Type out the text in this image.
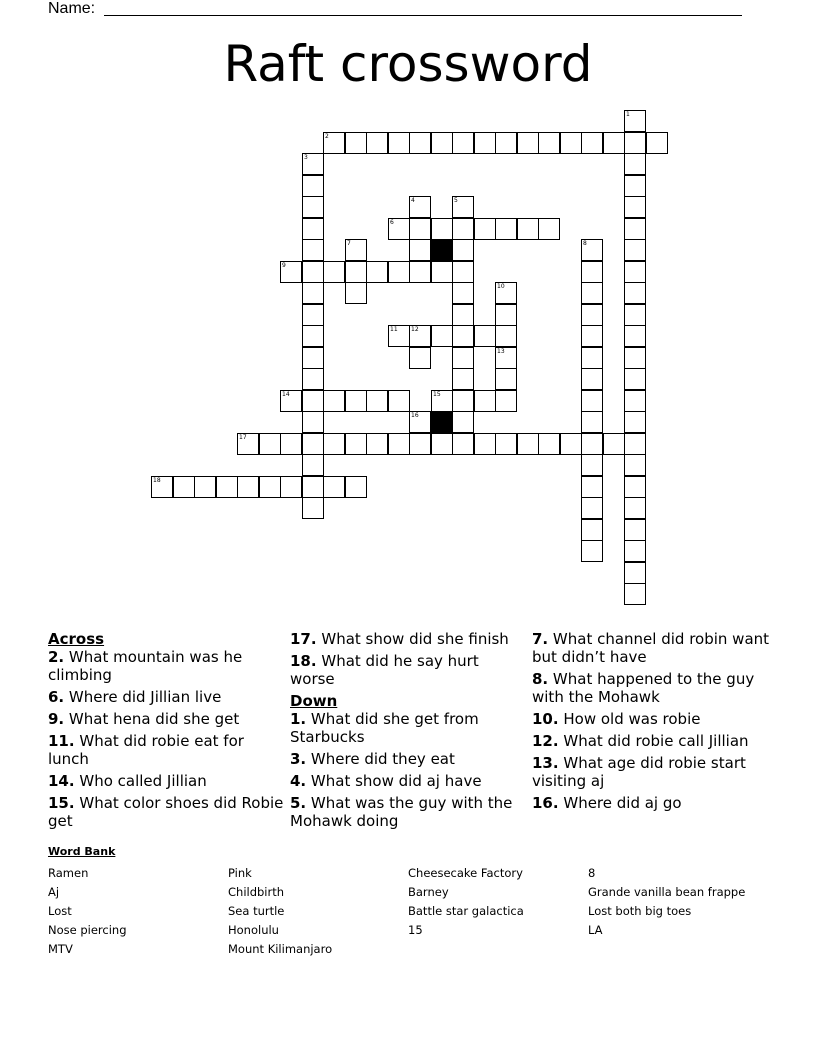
Name:
Raft crossword
2
6
9
11 12
14	15
17
18
1
3
4	5
7	8
10
13
16

Across

2. What mountain was he climbing

6. Where did Jillian live

9. What hena did she get

11. What did robie eat for lunch

14. Who called Jillian

15. What color shoes did Robie get

17. What show did she finish

18. What did he say hurt worse

Down

1. What did she get from Starbucks

3. Where did they eat

4. What show did aj have

5. What was the guy with the Mohawk doing

7. What channel did robin want but didn’t have

8. What happened to the guy with the Mohawk

10. How old was robie

12. What did robie call Jillian

13. What age did robie start visiting aj

16. Where did aj go

Word Bank
Ramen
Aj
Lost
Nose piercing
MTV
Pink
Childbirth
Sea turtle
Honolulu
Mount Kilimanjaro
Cheesecake Factory
Barney
Battle star galactica
15
8
Grande vanilla bean frappe
Lost both big toes
LA
